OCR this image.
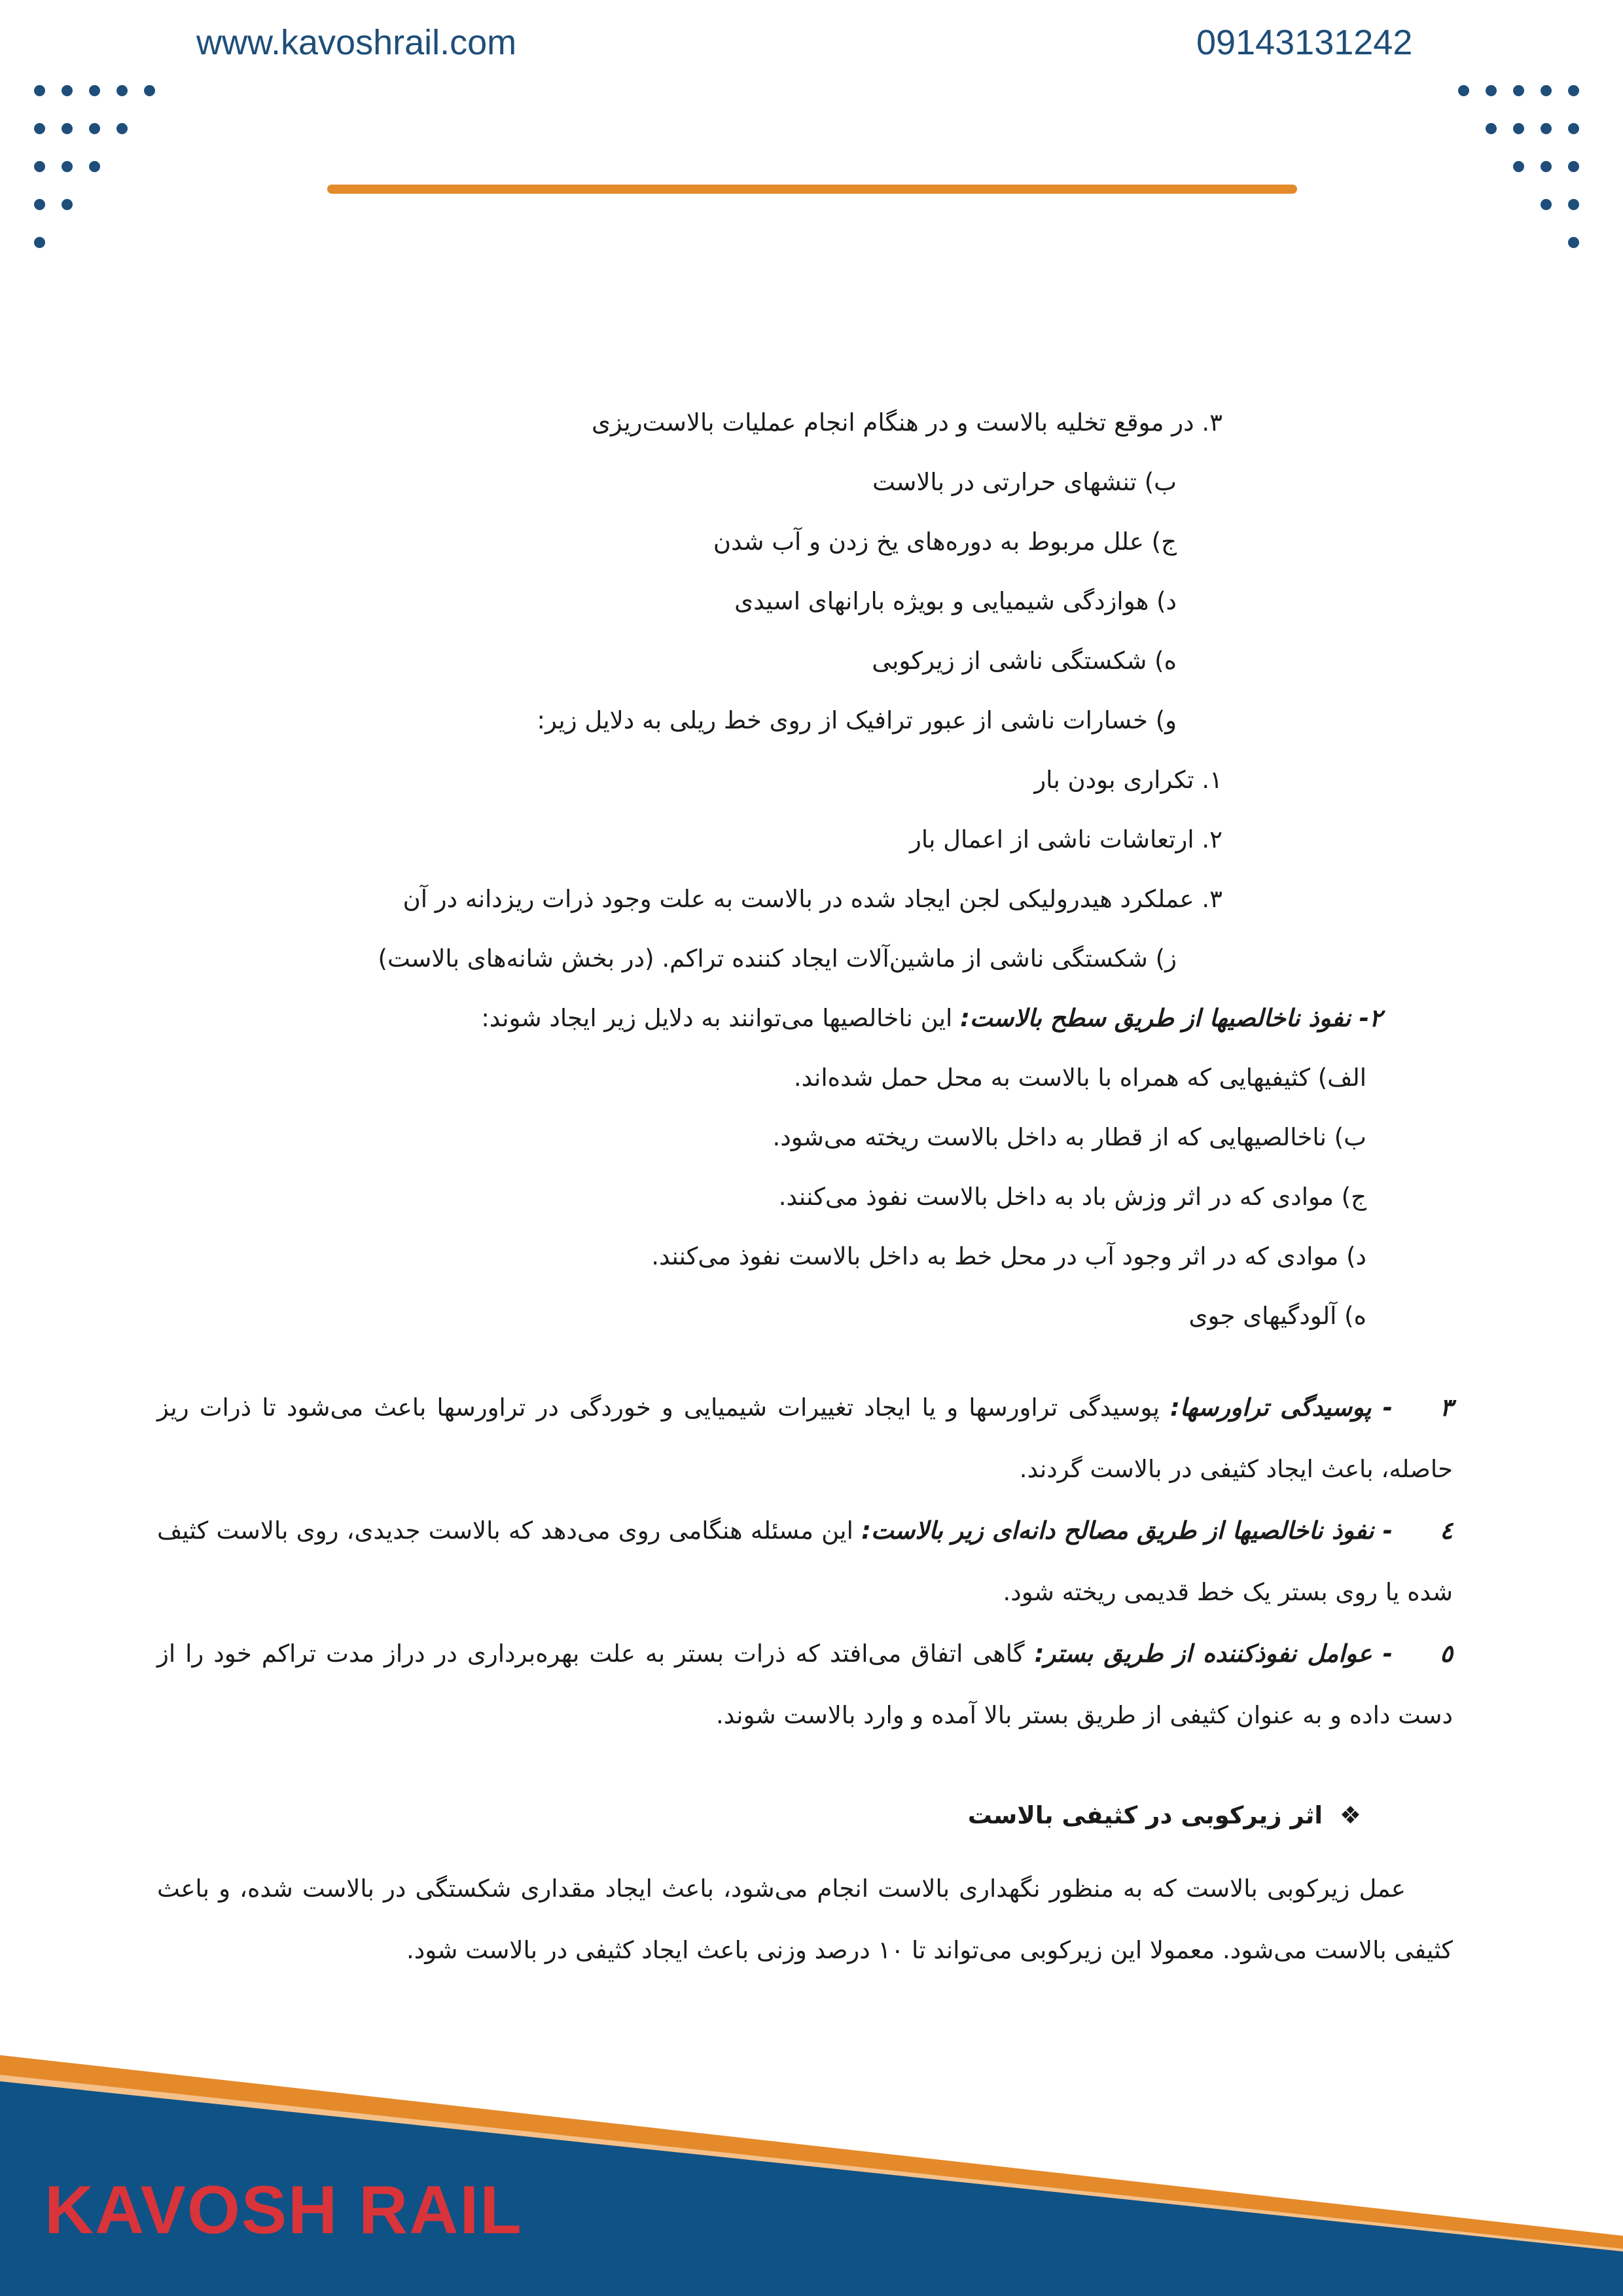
www.kavoshrail.com	09143131242
۳. در موقع تخلیه بالاست و در هنگام انجام عملیات بالاست‌ریزی
ب) تنشهای حرارتی در بالاست
ج) علل مربوط به دوره‌های یخ زدن و آب شدن
د) هوازدگی شیمیایی و بویژه بارانهای اسیدی
ه) شکستگی ناشی از زیرکوبی
و) خسارات ناشی از عبور ترافیک از روی خط ریلی به دلایل زیر:
۱. تکراری بودن بار
۲. ارتعاشات ناشی از اعمال بار
۳. عملکرد هیدرولیکی لجن ایجاد شده در بالاست به علت وجود ذرات ریزدانه در آن
ز) شکستگی ناشی از ماشین‌آلات ایجاد کننده تراکم. (در بخش شانه‌های بالاست)
۲- نفوذ ناخالصیها از طریق سطح بالاست: این ناخالصیها می‌توانند به دلایل زیر ایجاد شوند:
الف) کثیفیهایی که همراه با بالاست به محل حمل شده‌اند.
ب) ناخالصیهایی که از قطار به داخل بالاست ریخته می‌شود.
ج) موادی که در اثر وزش باد به داخل بالاست نفوذ می‌کنند.
د) موادی که در اثر وجود آب در محل خط به داخل بالاست نفوذ می‌کنند.
ه) آلودگیهای جوی
۳- پوسیدگی تراورسها: پوسیدگی تراورسها و یا ایجاد تغییرات شیمیایی و خوردگی در تراورسها باعث می‌شود تا ذرات ریز حاصله، باعث ایجاد کثیفی در بالاست گردند.
٤- نفوذ ناخالصیها از طریق مصالح دانه‌ای زیر بالاست: این مسئله هنگامی روی می‌دهد که بالاست جدیدی، روی بالاست کثیف شده یا روی بستر یک خط قدیمی ریخته شود.
٥- عوامل نفوذکننده از طریق بستر: گاهی اتفاق می‌افتد که ذرات بستر به علت بهره‌برداری در دراز مدت تراکم خود را از دست داده و به عنوان کثیفی از طریق بستر بالا آمده و وارد بالاست شوند.
❖  اثر زیرکوبی در کثیفی بالاست
عمل زیرکوبی بالاست که به منظور نگهداری بالاست انجام می‌شود، باعث ایجاد مقداری شکستگی در بالاست شده، و باعث کثیفی بالاست می‌شود. معمولا این زیرکوبی می‌تواند تا ۱۰ درصد وزنی باعث ایجاد کثیفی در بالاست شود.
KAVOSH RAIL
